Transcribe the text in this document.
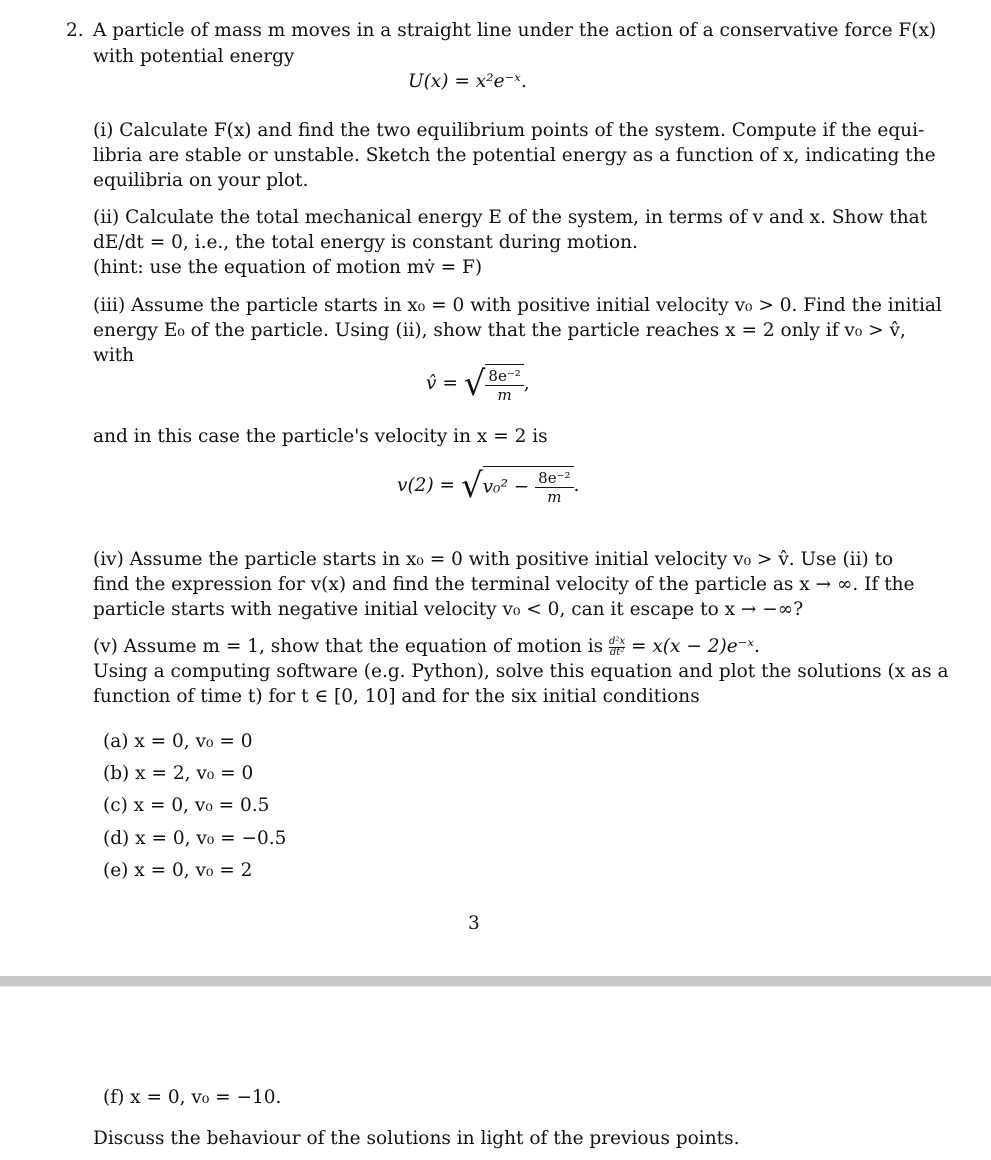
2. A particle of mass m moves in a straight line under the action of a conservative force F(x)
with potential energy
U(x) = x²e⁻ˣ.
(i) Calculate F(x) and find the two equilibrium points of the system. Compute if the equi-
libria are stable or unstable. Sketch the potential energy as a function of x, indicating the
equilibria on your plot.
(ii) Calculate the total mechanical energy E of the system, in terms of v and x. Show that
dE/dt = 0, i.e., the total energy is constant during motion.
(hint: use the equation of motion mv̇ = F)
(iii) Assume the particle starts in x₀ = 0 with positive initial velocity v₀ > 0. Find the initial
energy E₀ of the particle. Using (ii), show that the particle reaches x = 2 only if v₀ > v̂,
with
v̂ = √ $\frac{\text{8e⁻²}}{m}$ ,
and in this case the particle's velocity in x = 2 is
$v(2) = √v_0^2 - \frac{\text{8e⁻²}}{m}$ .
(iv) Assume the particle starts in x₀ = 0 with positive initial velocity v₀ > v̂. Use (ii) to
find the expression for v(x) and find the terminal velocity of the particle as x → ∞. If the
particle starts with negative initial velocity v₀ < 0, can it escape to x → −∞?
(v) Assume m = 1, show that the equation of motion is $\frac{\text{d²x}}{\text{dt²}} = x(x$ − 2)e⁻ˣ.
Using a computing software (e.g. Python), solve this equation and plot the solutions (x as a
function of time t) for t ∈ [0, 10] and for the six initial conditions
(a) x = 0, v₀ = 0
(b) x = 2, v₀ = 0
(c) x = 0, v₀ = 0.5
(d) x = 0, v₀ = −0.5
(e) x = 0, v₀ = 2
3
(f) x = 0, v₀ = −10.
Discuss the behaviour of the solutions in light of the previous points.
